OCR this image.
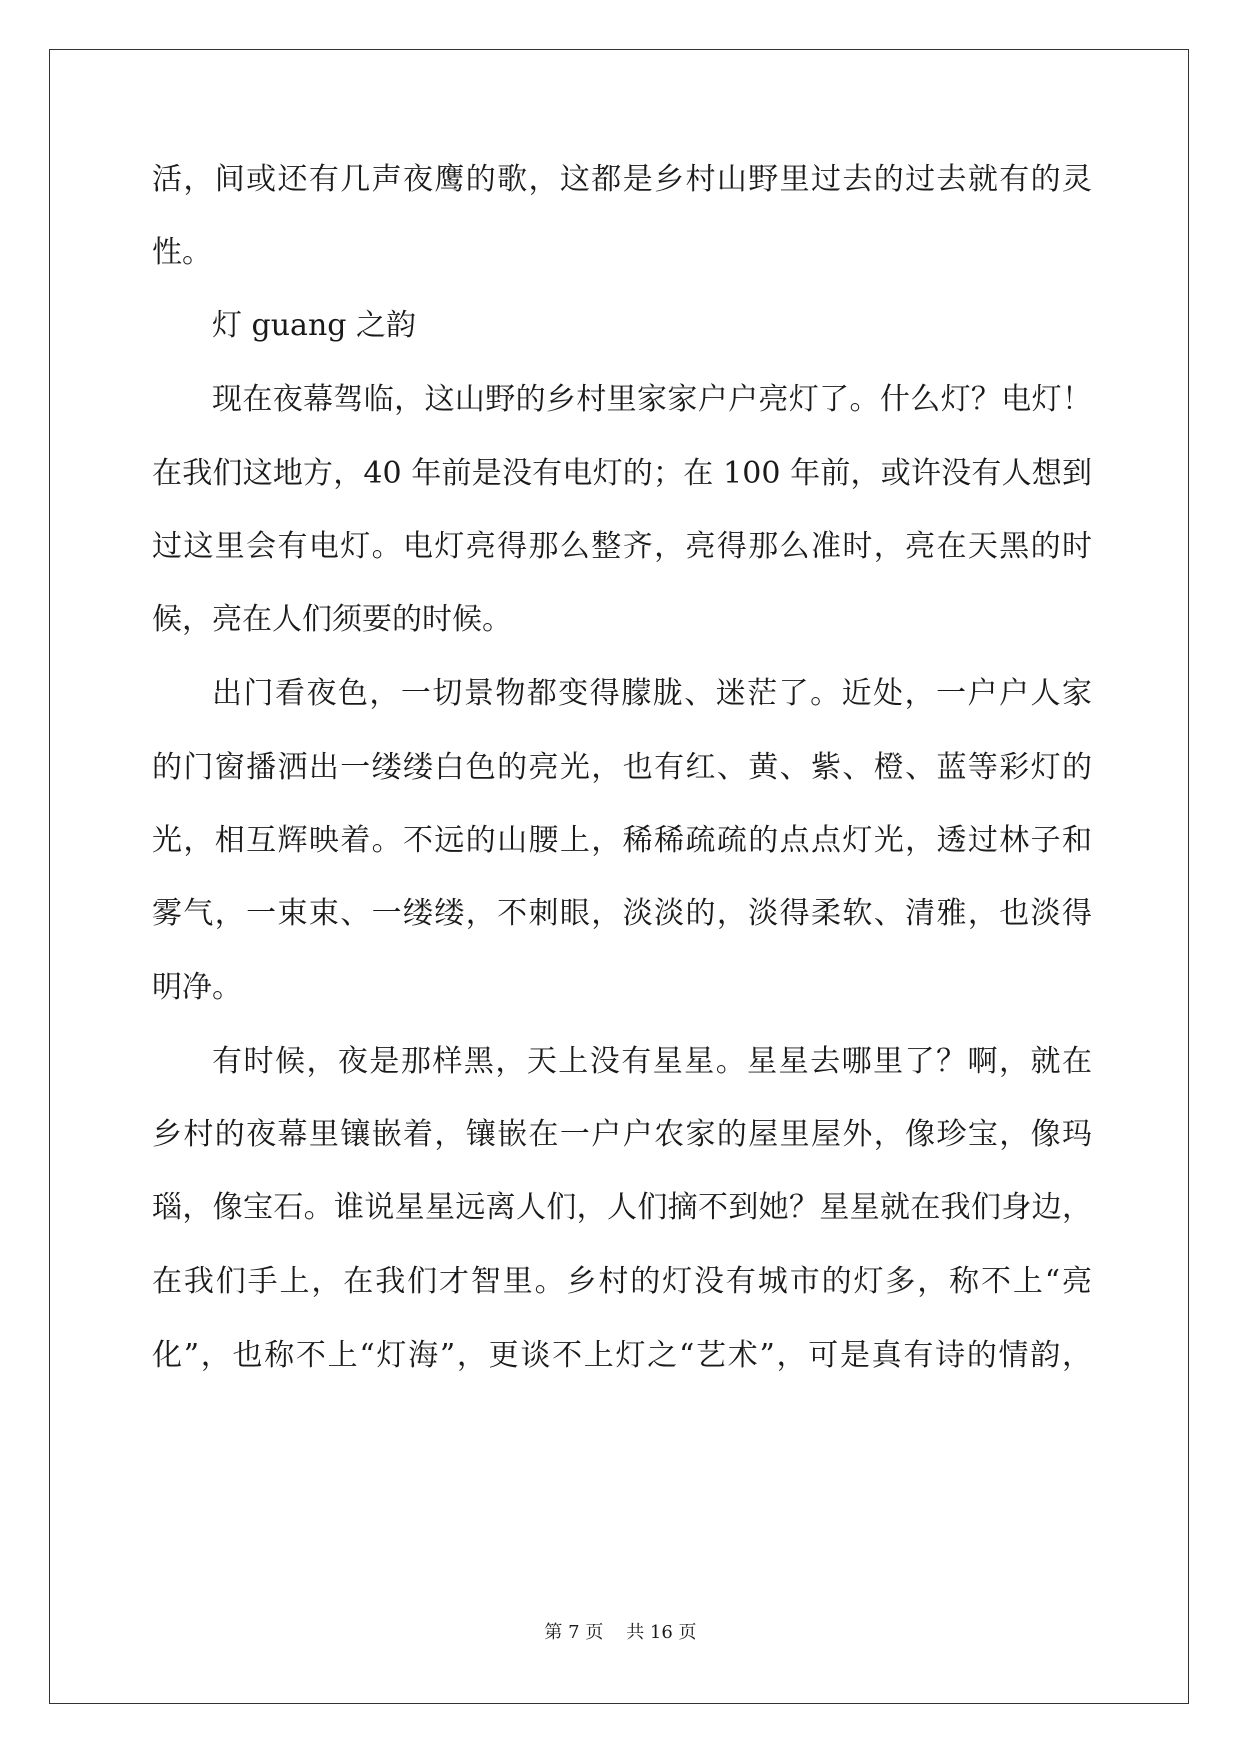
活，间或还有几声夜鹰的歌，这都是乡村山野里过去的过去就有的灵
性。
灯 guang 之韵
现在夜幕驾临，这山野的乡村里家家户户亮灯了。什么灯？电灯！
在我们这地方，40 年前是没有电灯的；在 100 年前，或许没有人想到
过这里会有电灯。电灯亮得那么整齐，亮得那么准时，亮在天黑的时
候，亮在人们须要的时候。
出门看夜色，一切景物都变得朦胧、迷茫了。近处，一户户人家
的门窗播洒出一缕缕白色的亮光，也有红、黄、紫、橙、蓝等彩灯的
光，相互辉映着。不远的山腰上，稀稀疏疏的点点灯光，透过林子和
雾气，一束束、一缕缕，不刺眼，淡淡的，淡得柔软、清雅，也淡得
明净。
有时候，夜是那样黑，天上没有星星。星星去哪里了？啊，就在
乡村的夜幕里镶嵌着，镶嵌在一户户农家的屋里屋外，像珍宝，像玛
瑙，像宝石。谁说星星远离人们，人们摘不到她？星星就在我们身边，
在我们手上，在我们才智里。乡村的灯没有城市的灯多，称不上“亮
化”，也称不上“灯海”，更谈不上灯之“艺术”，可是真有诗的情韵，
第 7 页    共 16 页
